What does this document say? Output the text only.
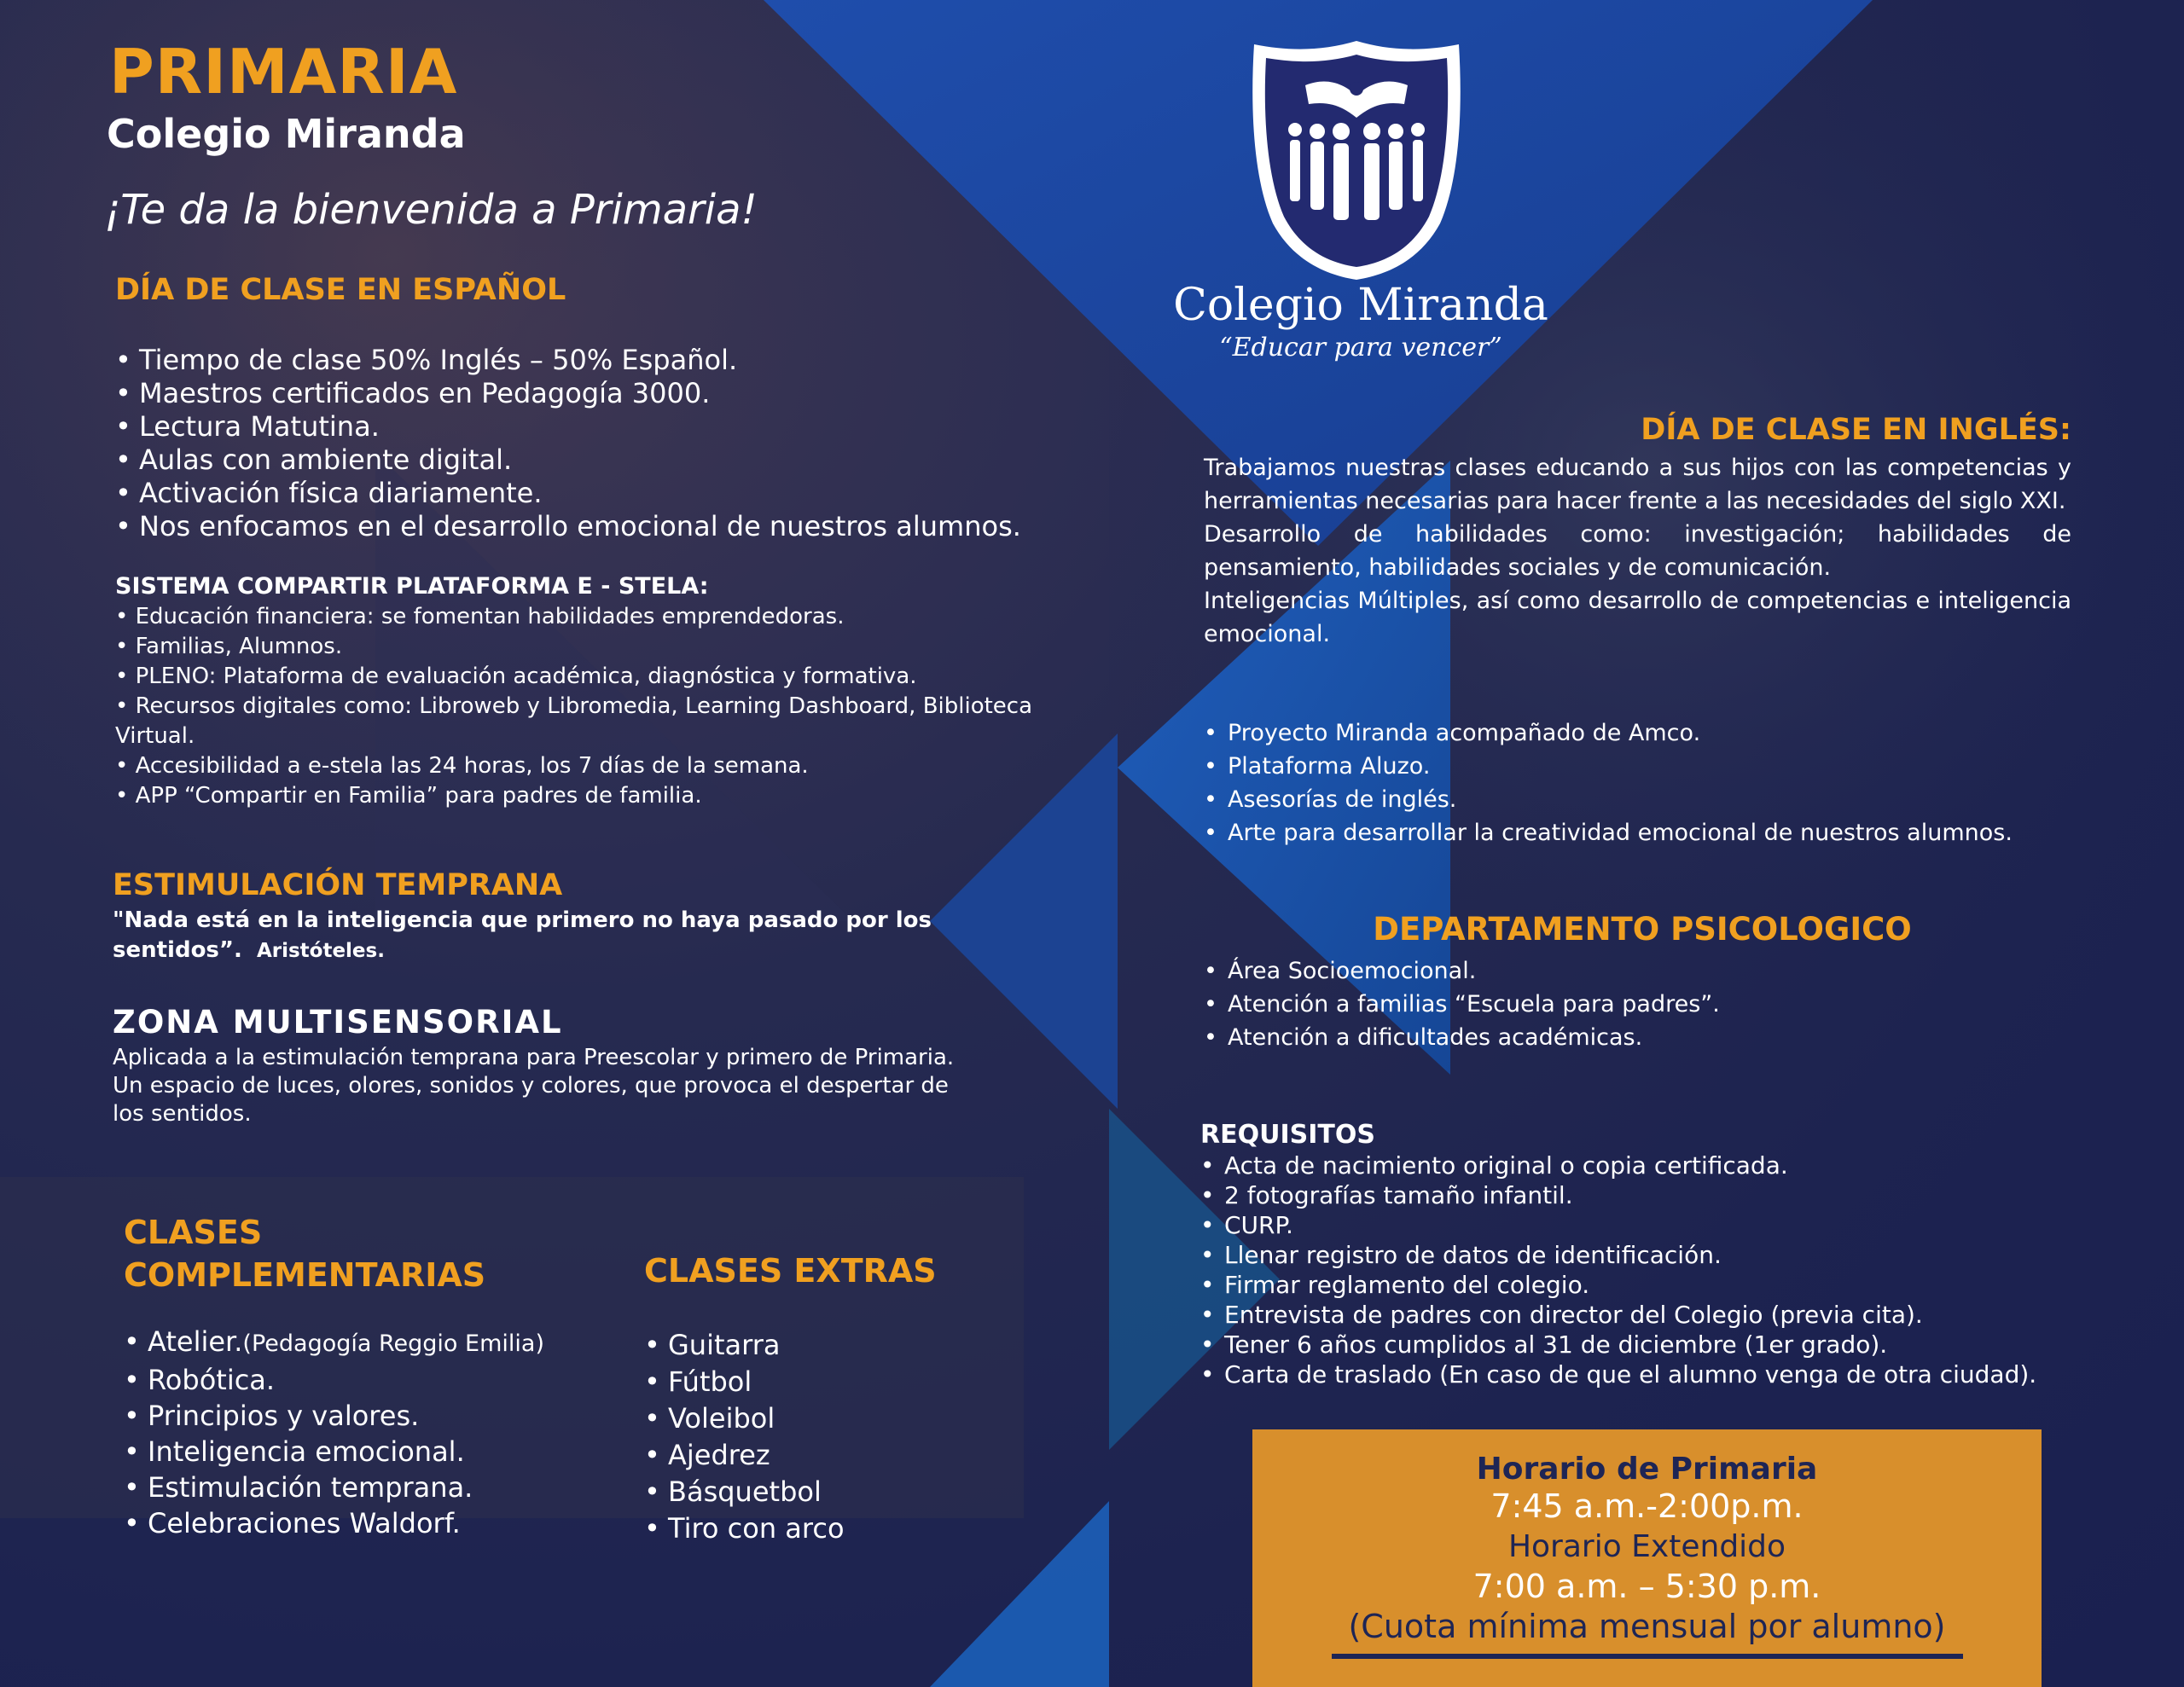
PRIMARIA
Colegio Miranda
¡Te da la bienvenida a Primaria!
DÍA DE CLASE EN ESPAÑOL
• Tiempo de clase 50% Inglés – 50% Español.
• Maestros certificados en Pedagogía 3000.
• Lectura Matutina.
• Aulas con ambiente digital.
• Activación física diariamente.
• Nos enfocamos en el desarrollo emocional de nuestros alumnos.
SISTEMA COMPARTIR PLATAFORMA E - STELA:
• Educación financiera: se fomentan habilidades emprendedoras.
• Familias, Alumnos.
• PLENO: Plataforma de evaluación académica, diagnóstica y formativa.
• Recursos digitales como: Libroweb y Libromedia, Learning Dashboard, Biblioteca Virtual.
• Accesibilidad a e-stela las 24 horas, los 7 días de la semana.
• APP “Compartir en Familia” para padres de familia.
ESTIMULACIÓN TEMPRANA
"Nada está en la inteligencia que primero no haya pasado por los sentidos”. Aristóteles.
ZONA MULTISENSORIAL
Aplicada a la estimulación temprana para Preescolar y primero de Primaria.
Un espacio de luces, olores, sonidos y colores, que provoca el despertar de los sentidos.
CLASES
COMPLEMENTARIAS
• Atelier.(Pedagogía Reggio Emilia)
• Robótica.
• Principios y valores.
• Inteligencia emocional.
• Estimulación temprana.
• Celebraciones Waldorf.
CLASES EXTRAS
• Guitarra
• Fútbol
• Voleibol
• Ajedrez
• Básquetbol
• Tiro con arco
Colegio Miranda
“Educar para vencer”
DÍA DE CLASE EN INGLÉS:
Trabajamos nuestras clases educando a sus hijos con las competencias y herramientas necesarias para hacer frente a las necesidades del siglo XXI.
Desarrollo de habilidades como: investigación; habilidades de pensamiento, habilidades sociales y de comunicación.
Inteligencias Múltiples, así como desarrollo de competencias e inteligencia emocional.
• Proyecto Miranda acompañado de Amco.
• Plataforma Aluzo.
• Asesorías de inglés.
• Arte para desarrollar la creatividad emocional de nuestros alumnos.
DEPARTAMENTO PSICOLOGICO
• Área Socioemocional.
• Atención a familias “Escuela para padres”.
• Atención a dificultades académicas.
REQUISITOS
• Acta de nacimiento original o copia certificada.
• 2 fotografías tamaño infantil.
• CURP.
• Llenar registro de datos de identificación.
• Firmar reglamento del colegio.
• Entrevista de padres con director del Colegio (previa cita).
• Tener 6 años cumplidos al 31 de diciembre (1er grado).
• Carta de traslado (En caso de que el alumno venga de otra ciudad).
Horario de Primaria
7:45 a.m.-2:00p.m.
Horario Extendido
7:00 a.m. – 5:30 p.m.
(Cuota mínima mensual por alumno)
